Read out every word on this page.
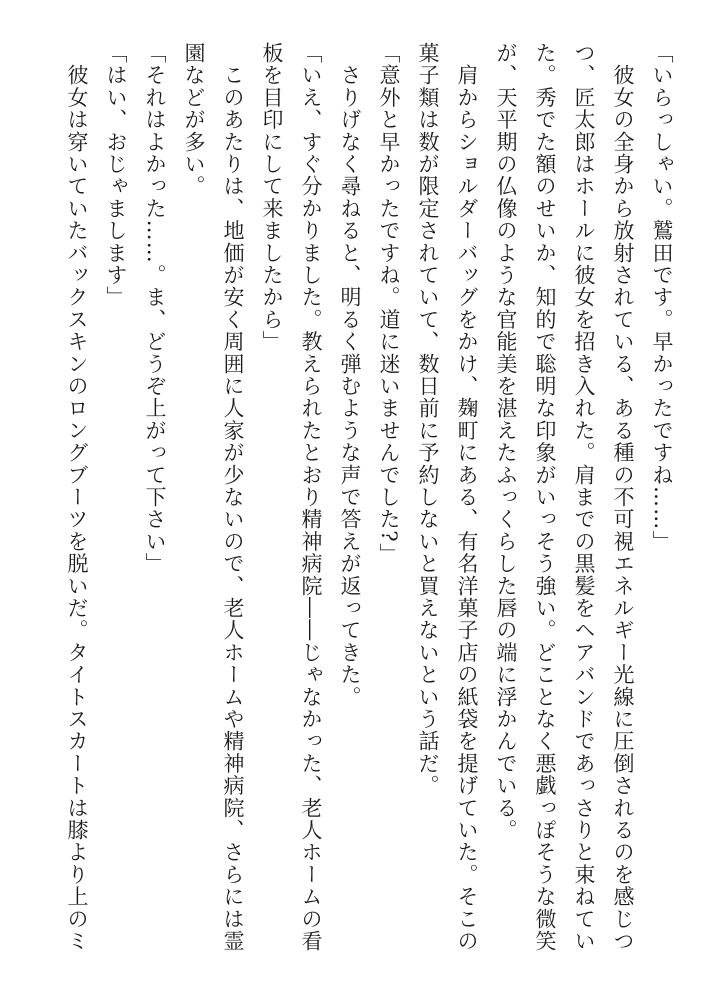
「いらっしゃい。鷲田です。早かったですね……」
　彼女の全身から放射されている、ある種の不可視エネルギー光線に圧倒されるのを感じつ
つ、匠太郎はホールに彼女を招き入れた。肩までの黒髪をヘアバンドであっさりと束ねてい
た。秀でた額のせいか、知的で聡明な印象がいっそう強い。どことなく悪戯っぽそうな微笑
が、天平期の仏像のような官能美を湛えたふっくらした唇の端に浮かんでいる。
　肩からショルダーバッグをかけ、麹町にある、有名洋菓子店の紙袋を提げていた。そこの
菓子類は数が限定されていて、数日前に予約しないと買えないという話だ。
「意外と早かったですね。道に迷いませんでした?」
　さりげなく尋ねると、明るく弾むような声で答えが返ってきた。
「いえ、すぐ分かりました。教えられたとおり精神病院――じゃなかった、老人ホームの看
板を目印にして来ましたから」
　このあたりは、地価が安く周囲に人家が少ないので、老人ホームや精神病院、さらには霊
園などが多い。
「それはよかった……。ま、どうぞ上がって下さい」
「はい、おじゃまします」
　彼女は穿いていたバックスキンのロングブーツを脱いだ。タイトスカートは膝より上のミ
